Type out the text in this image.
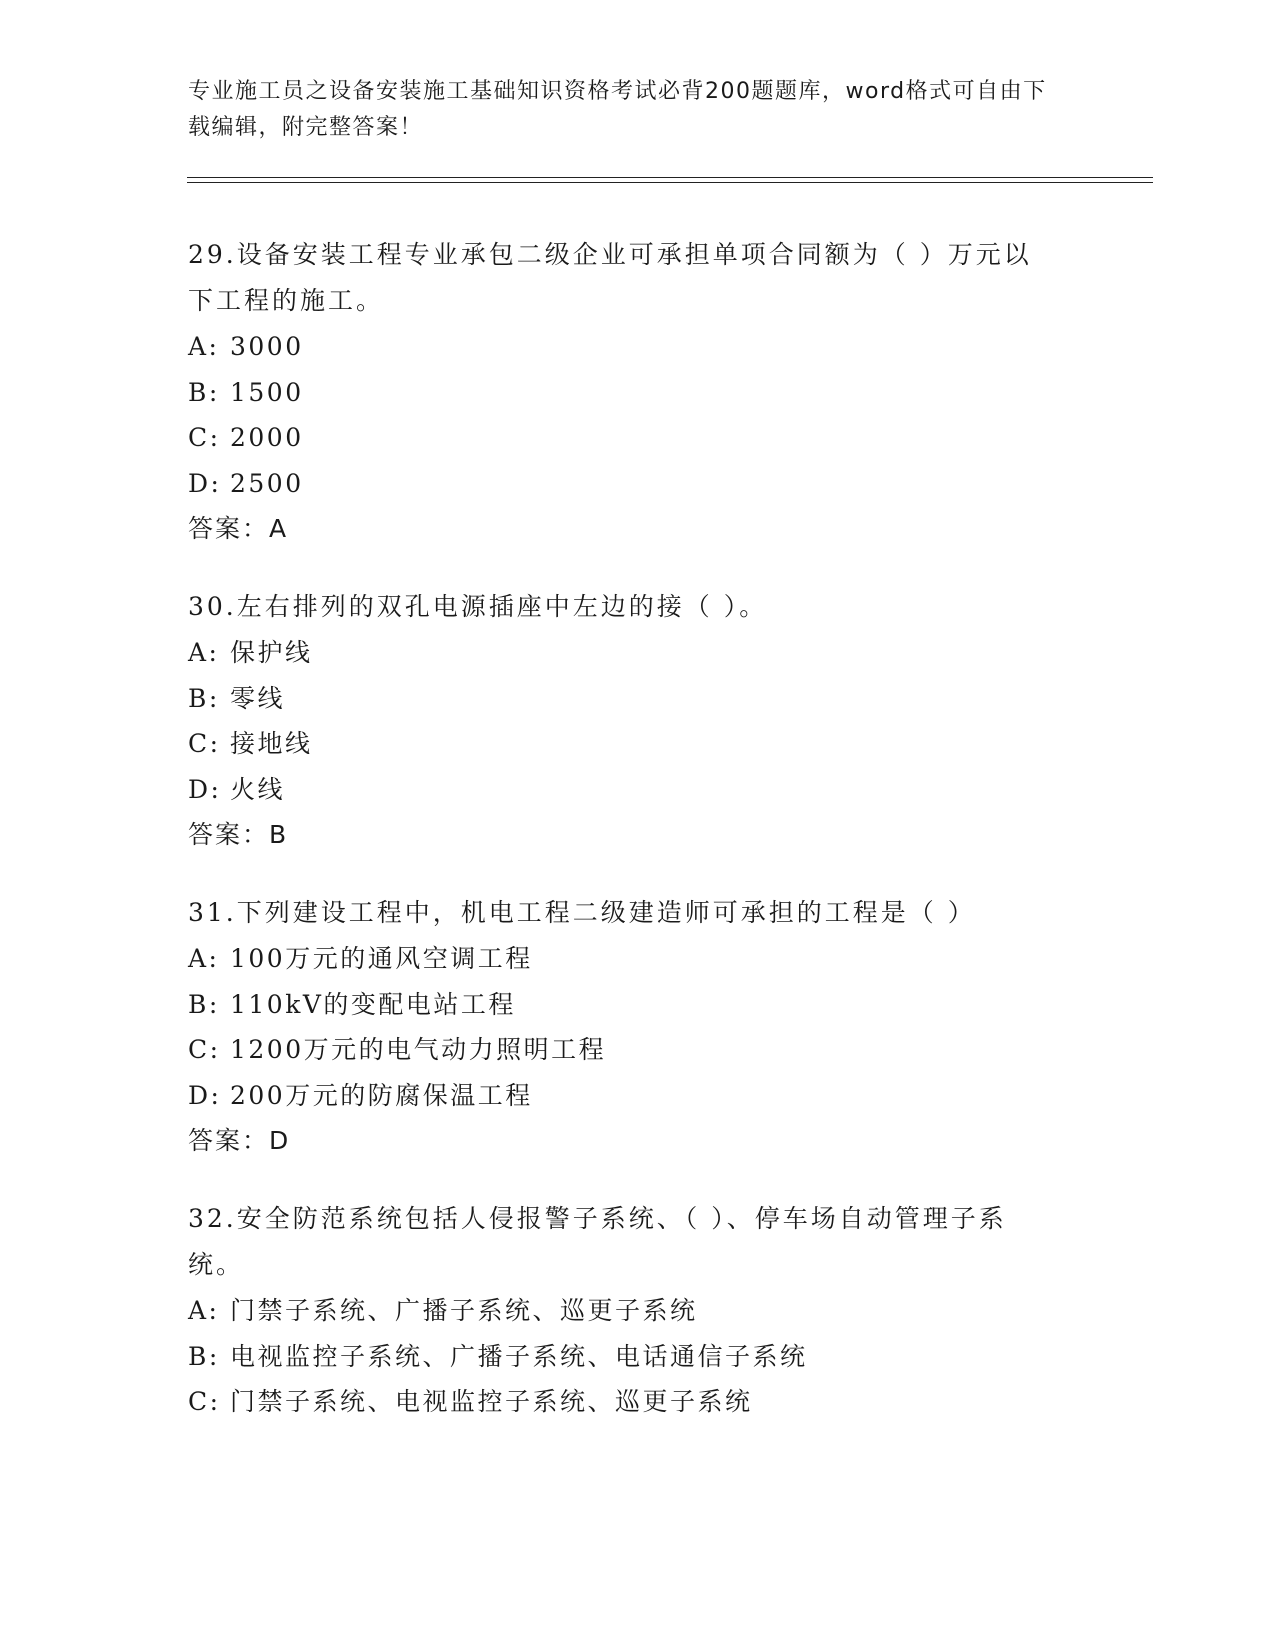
专业施工员之设备安装施工基础知识资格考试必背200题题库，word格式可自由下载编辑，附完整答案！

29.设备安装工程专业承包二级企业可承担单项合同额为（ ）万元以下工程的施工。

A: 3000

B: 1500

C: 2000

D: 2500

答案：A

30.左右排列的双孔电源插座中左边的接（ ）。

A: 保护线

B: 零线

C: 接地线

D: 火线

答案：B

31.下列建设工程中，机电工程二级建造师可承担的工程是（ ）

A: 100万元的通风空调工程

B: 110kV的变配电站工程

C: 1200万元的电气动力照明工程

D: 200万元的防腐保温工程

答案：D

32.安全防范系统包括人侵报警子系统、（ ）、停车场自动管理子系统。

A: 门禁子系统、广播子系统、巡更子系统

B: 电视监控子系统、广播子系统、电话通信子系统

C: 门禁子系统、电视监控子系统、巡更子系统
